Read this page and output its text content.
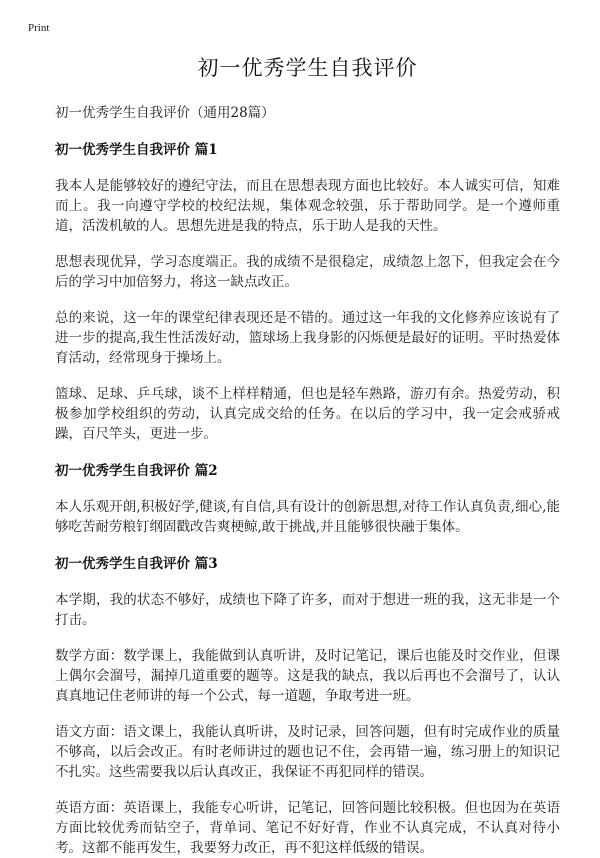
Print
初一优秀学生自我评价

初一优秀学生自我评价（通用28篇）

初一优秀学生自我评价 篇1

我本人是能够较好的遵纪守法，而且在思想表现方面也比较好。本人诚实可信，知难而上。我一向遵守学校的校纪法规，集体观念较强，乐于帮助同学。是一个遵师重道，活泼机敏的人。思想先进是我的特点，乐于助人是我的天性。

思想表现优异，学习态度端正。我的成绩不是很稳定，成绩忽上忽下，但我定会在今后的学习中加倍努力，将这一缺点改正。

总的来说，这一年的课堂纪律表现还是不错的。通过这一年我的文化修养应该说有了进一步的提高,我生性活泼好动，篮球场上我身影的闪烁便是最好的证明。平时热爱体育活动，经常现身于操场上。

篮球、足球、乒乓球，谈不上样样精通，但也是轻车熟路，游刃有余。热爱劳动，积极参加学校组织的劳动，认真完成交给的任务。在以后的学习中，我一定会戒骄戒躁，百尺竿头，更进一步。

初一优秀学生自我评价 篇2

本人乐观开朗,积极好学,健谈,有自信,具有设计的创新思想,对待工作认真负责,细心,能够吃苦耐劳粮钉纲固戳改告爽梗鲸,敢于挑战,并且能够很快融于集体。

初一优秀学生自我评价 篇3

本学期，我的状态不够好，成绩也下降了许多，而对于想进一班的我，这无非是一个打击。

数学方面：数学课上，我能做到认真听讲，及时记笔记，课后也能及时交作业，但课上偶尔会溜号，漏掉几道重要的题等。这是我的缺点，我以后再也不会溜号了，认认真真地记住老师讲的每一个公式，每一道题，争取考进一班。

语文方面：语文课上，我能认真听讲，及时记录，回答问题，但有时完成作业的质量不够高，以后会改正。有时老师讲过的题也记不住，会再错一遍，练习册上的知识记不扎实。这些需要我以后认真改正，我保证不再犯同样的错误。

英语方面：英语课上，我能专心听讲，记笔记，回答问题比较积极。但也因为在英语方面比较优秀而钻空子，背单词、笔记不好好背，作业不认真完成，不认真对待小考。这都不能再发生，我要努力改正，再不犯这样低级的错误。
